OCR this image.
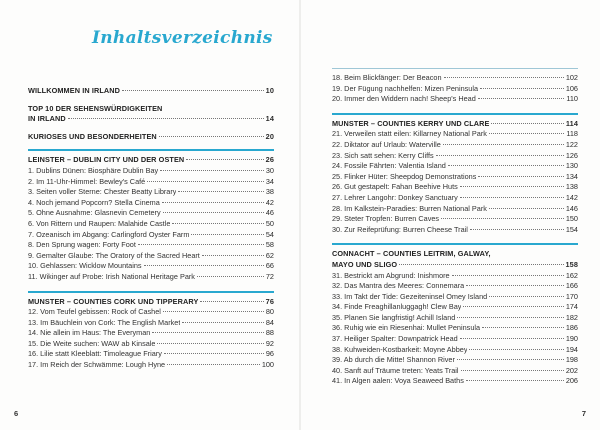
Inhaltsverzeichnis
WILLKOMMEN IN IRLAND	10
TOP 10 DER SEHENSWÜRDIGKEITEN
IN IRLAND	14
KURIOSES UND BESONDERHEITEN	20
LEINSTER – DUBLIN CITY UND DER OSTEN	26
1. Dublins Dünen: Biosphäre Dublin Bay	30
2. Im 11-Uhr-Himmel: Bewley's Café	34
3. Seiten voller Sterne: Chester Beatty Library	38
4. Noch jemand Popcorn? Stella Cinema	42
5. Ohne Ausnahme: Glasnevin Cemetery	46
6. Von Rittern und Raupen: Malahide Castle	50
7. Ozeanisch im Abgang: Carlingford Oyster Farm	54
8. Den Sprung wagen: Forty Foot	58
9. Gemalter Glaube: The Oratory of the Sacred Heart	62
10. Gehlassen: Wicklow Mountains	66
11. Wikinger auf Probe: Irish National Heritage Park	72
MUNSTER – COUNTIES CORK UND TIPPERARY	76
12. Vom Teufel gebissen: Rock of Cashel	80
13. Im Bäuchlein von Cork: The English Market	84
14. Nie allein im Haus: The Everyman	88
15. Die Weite suchen: WAW ab Kinsale	92
16. Lilie statt Kleeblatt: Timoleague Friary	96
17. Im Reich der Schwämme: Lough Hyne	100
6
18. Beim Blickfänger: Der Beacon	102
19. Der Fügung nachhelfen: Mizen Peninsula	106
20. Immer den Widdern nach! Sheep's Head	110
MUNSTER – COUNTIES KERRY UND CLARE	114
21. Verweilen statt eilen: Killarney National Park	118
22. Diktator auf Urlaub: Waterville	122
23. Sich satt sehen: Kerry Cliffs	126
24. Fossile Fährten: Valentia Island	130
25. Flinker Hüter: Sheepdog Demonstrations	134
26. Gut gestapelt: Fahan Beehive Huts	138
27. Lehrer Langohr: Donkey Sanctuary	142
28. Im Kalkstein-Paradies: Burren National Park	146
29. Steter Tropfen: Burren Caves	150
30. Zur Reifeprüfung: Burren Cheese Trail	154
CONNACHT – COUNTIES LEITRIM, GALWAY,
MAYO UND SLIGO	158
31. Bestrickt am Abgrund: Inishmore	162
32. Das Mantra des Meeres: Connemara	166
33. Im Takt der Tide: Gezeiteninsel Omey Island	170
34. Finde Freaghillanluggagh! Clew Bay	174
35. Planen Sie langfristig! Achill Island	182
36. Ruhig wie ein Riesenhai: Mullet Peninsula	186
37. Heiliger Spalter: Downpatrick Head	190
38. Kuhweiden-Kostbarkeit: Moyne Abbey	194
39. Ab durch die Mitte! Shannon River	198
40. Sanft auf Träume treten: Yeats Trail	202
41. In Algen aalen: Voya Seaweed Baths	206
7
